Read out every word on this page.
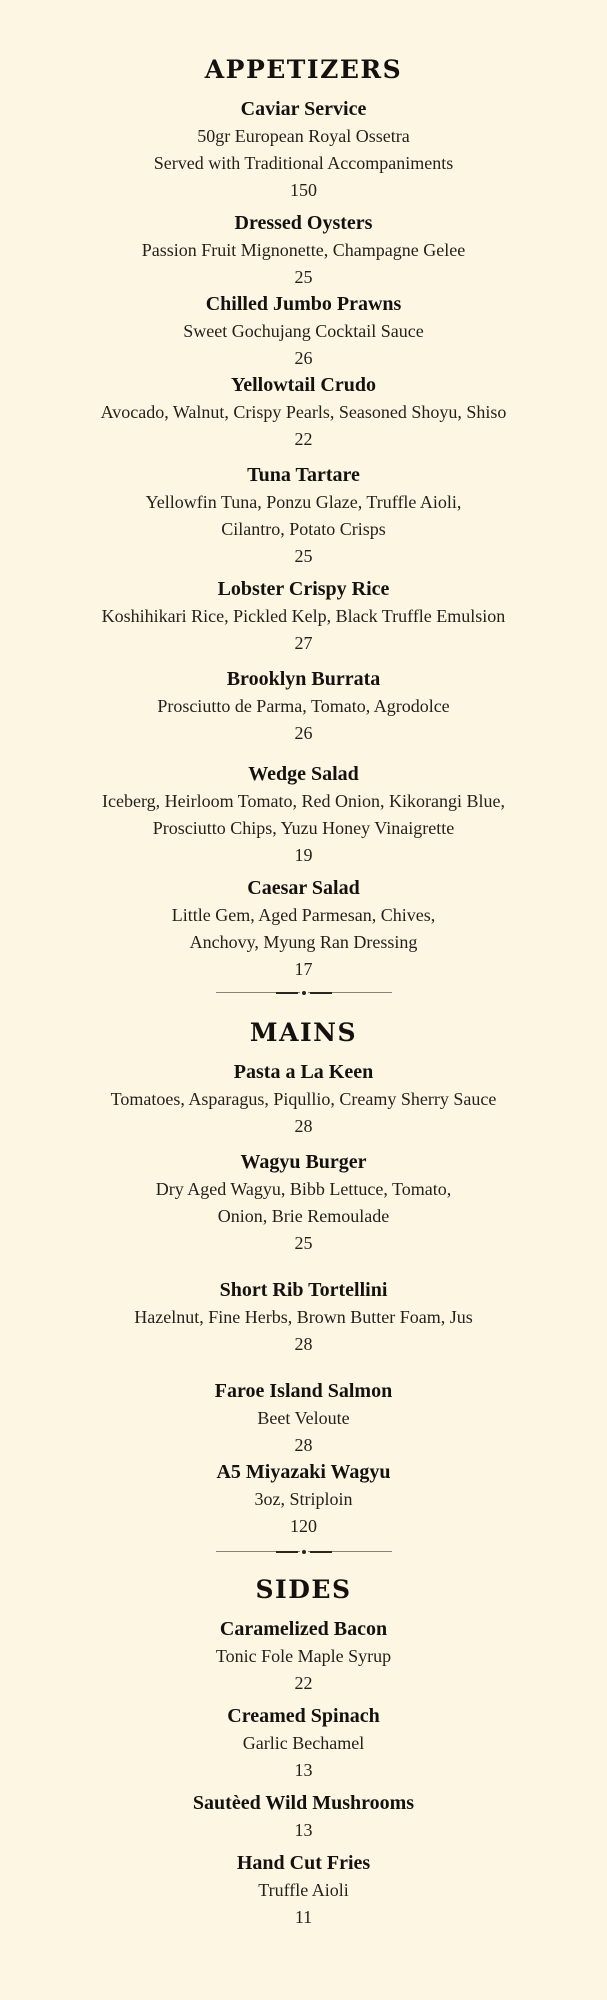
APPETIZERS
Caviar Service
50gr European Royal Ossetra
Served with Traditional Accompaniments
150
Dressed Oysters
Passion Fruit Mignonette, Champagne Gelee
25
Chilled Jumbo Prawns
Sweet Gochujang Cocktail Sauce
26
Yellowtail Crudo
Avocado, Walnut, Crispy Pearls, Seasoned Shoyu, Shiso
22
Tuna Tartare
Yellowfin Tuna, Ponzu Glaze, Truffle Aioli,
Cilantro, Potato Crisps
25
Lobster Crispy Rice
Koshihikari Rice, Pickled Kelp, Black Truffle Emulsion
27
Brooklyn Burrata
Prosciutto de Parma, Tomato, Agrodolce
26
Wedge Salad
Iceberg, Heirloom Tomato, Red Onion, Kikorangi Blue,
Prosciutto Chips, Yuzu Honey Vinaigrette
19
Caesar Salad
Little Gem, Aged Parmesan, Chives,
Anchovy, Myung Ran Dressing
17
MAINS
Pasta a La Keen
Tomatoes, Asparagus, Piqullio, Creamy Sherry Sauce
28
Wagyu Burger
Dry Aged Wagyu, Bibb Lettuce, Tomato,
Onion, Brie Remoulade
25
Short Rib Tortellini
Hazelnut, Fine Herbs, Brown Butter Foam, Jus
28
Faroe Island Salmon
Beet Veloute
28
A5 Miyazaki Wagyu
3oz, Striploin
120
SIDES
Caramelized Bacon
Tonic Fole Maple Syrup
22
Creamed Spinach
Garlic Bechamel
13
Sautèed Wild Mushrooms
13
Hand Cut Fries
Truffle Aioli
11
